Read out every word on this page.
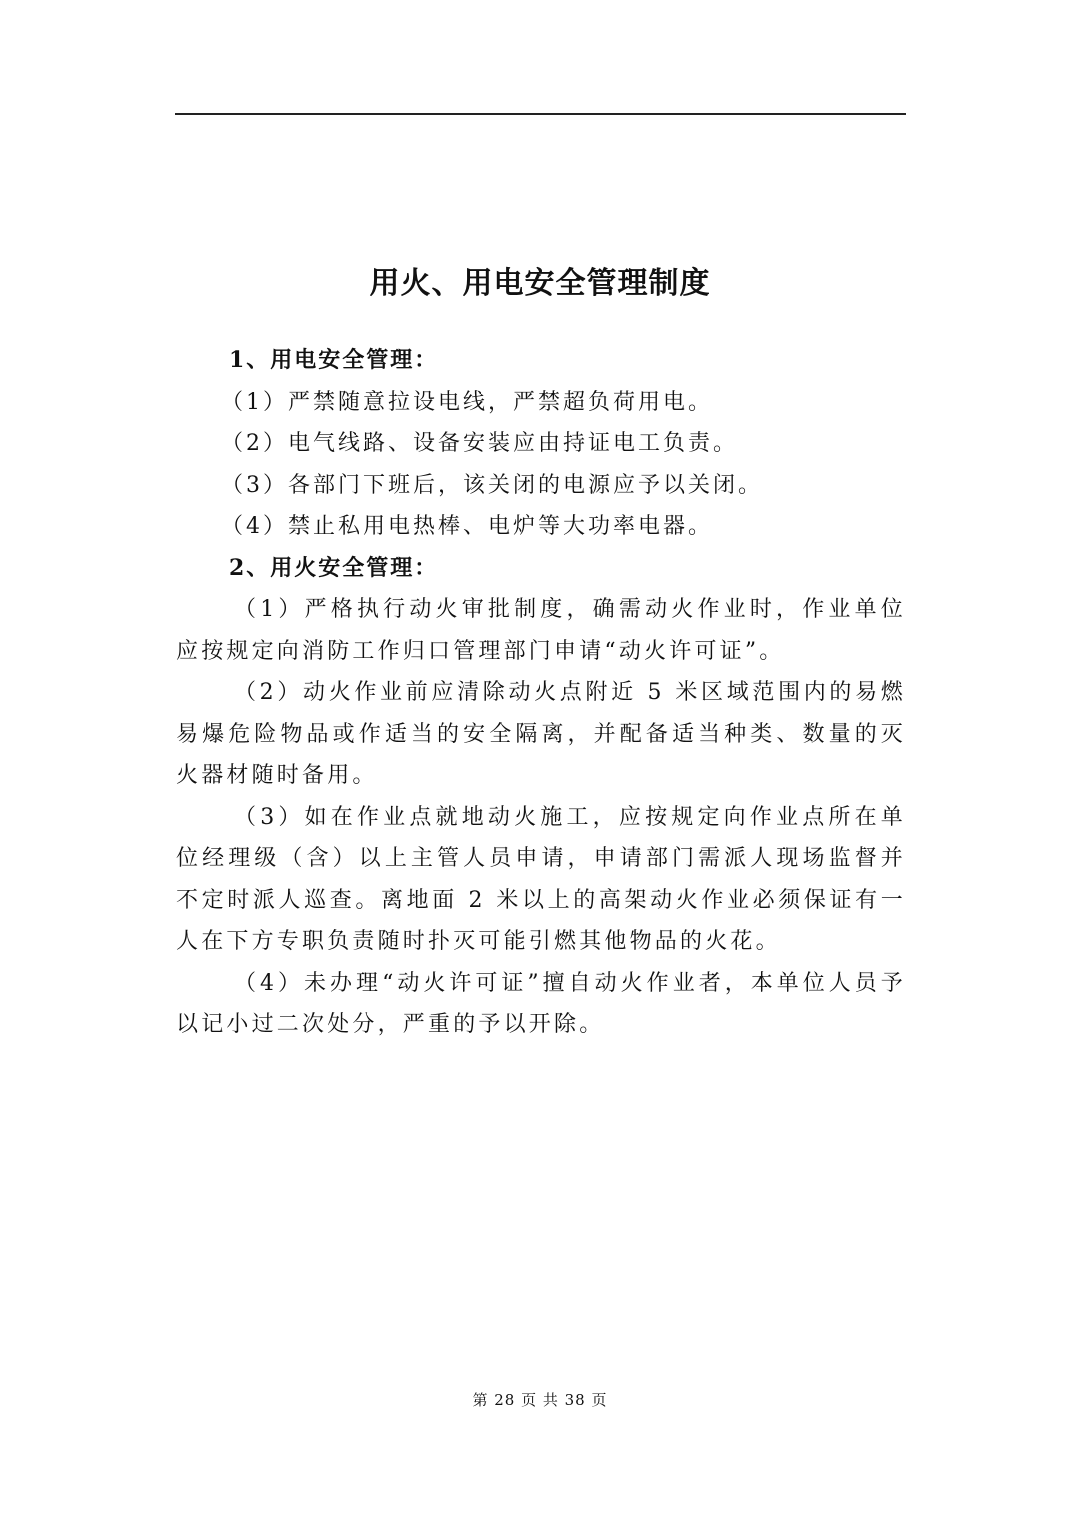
用火、用电安全管理制度
1、用电安全管理：
（1）严禁随意拉设电线，严禁超负荷用电。
（2）电气线路、设备安装应由持证电工负责。
（3）各部门下班后，该关闭的电源应予以关闭。
（4）禁止私用电热棒、电炉等大功率电器。
2、用火安全管理：

（1）严格执行动火审批制度，确需动火作业时，作业单位应按规定向消防工作归口管理部门申请“动火许可证”。

（2）动火作业前应清除动火点附近 5 米区域范围内的易燃易爆危险物品或作适当的安全隔离，并配备适当种类、数量的灭火器材随时备用。

（3）如在作业点就地动火施工，应按规定向作业点所在单位经理级（含）以上主管人员申请，申请部门需派人现场监督并不定时派人巡查。离地面 2 米以上的高架动火作业必须保证有一人在下方专职负责随时扑灭可能引燃其他物品的火花。

（4）未办理“动火许可证”擅自动火作业者，本单位人员予以记小过二次处分，严重的予以开除。

第 28 页 共 38 页
